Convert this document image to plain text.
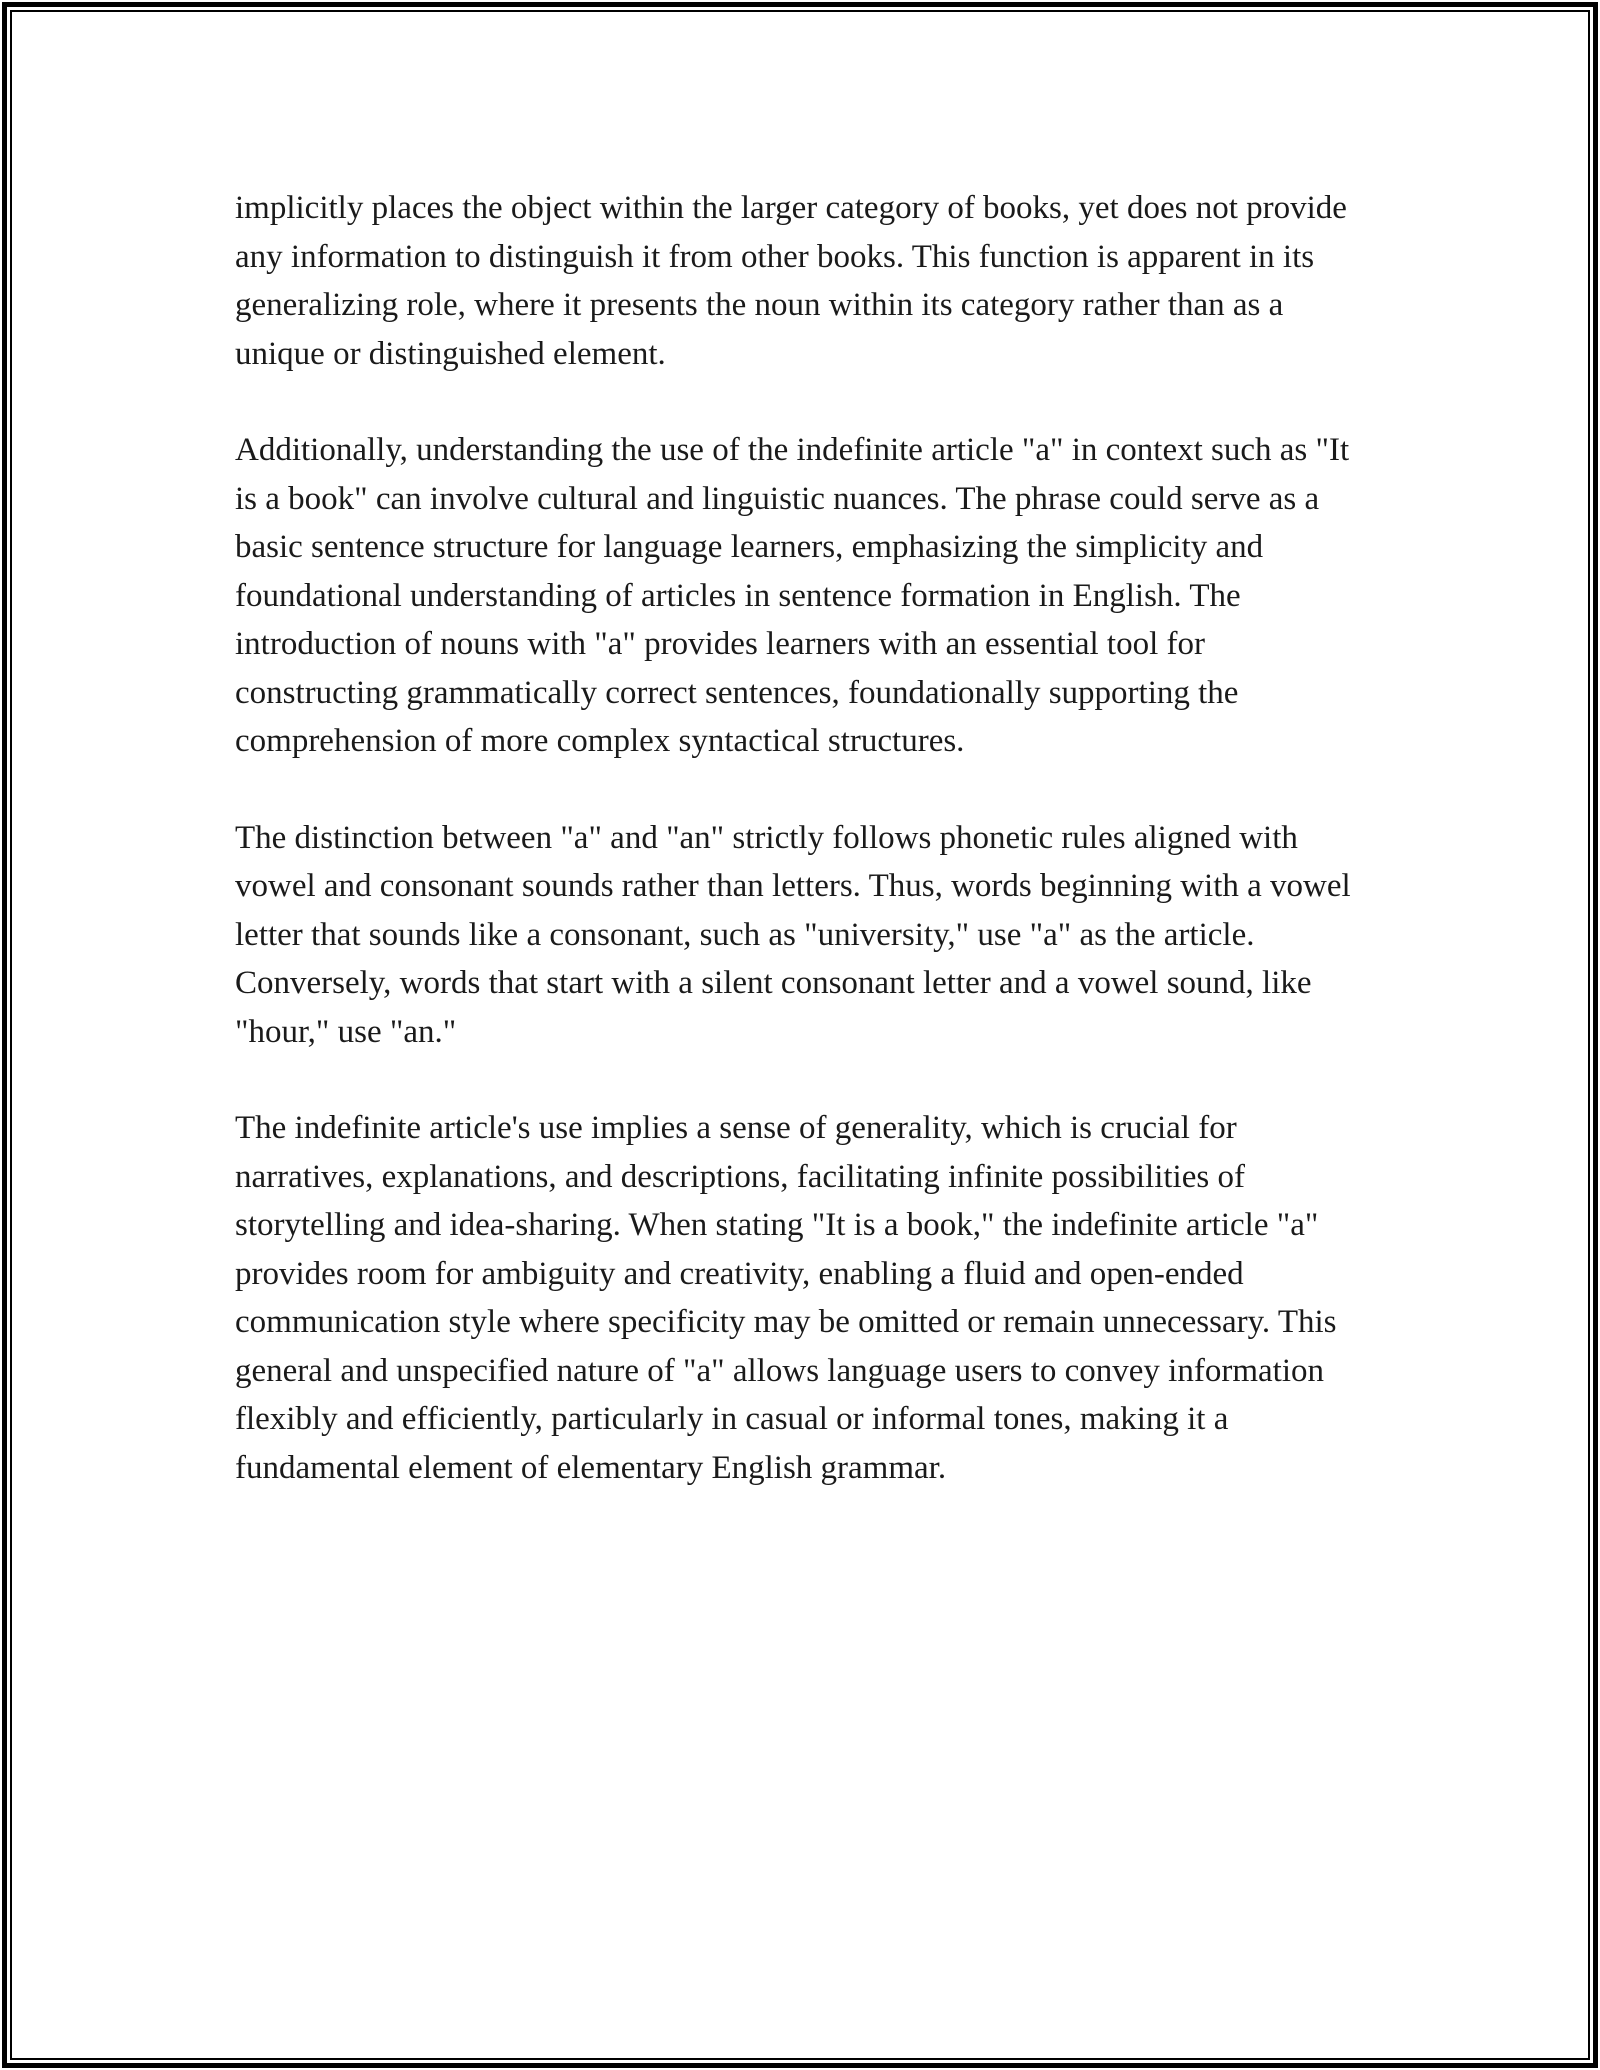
implicitly places the object within the larger category of books, yet does not provide any information to distinguish it from other books. This function is apparent in its generalizing role, where it presents the noun within its category rather than as a unique or distinguished element.

Additionally, understanding the use of the indefinite article "a" in context such as "It is a book" can involve cultural and linguistic nuances. The phrase could serve as a basic sentence structure for language learners, emphasizing the simplicity and foundational understanding of articles in sentence formation in English. The introduction of nouns with "a" provides learners with an essential tool for constructing grammatically correct sentences, foundationally supporting the comprehension of more complex syntactical structures.

The distinction between "a" and "an" strictly follows phonetic rules aligned with vowel and consonant sounds rather than letters. Thus, words beginning with a vowel letter that sounds like a consonant, such as "university," use "a" as the article. Conversely, words that start with a silent consonant letter and a vowel sound, like "hour," use "an."

The indefinite article's use implies a sense of generality, which is crucial for narratives, explanations, and descriptions, facilitating infinite possibilities of storytelling and idea-sharing. When stating "It is a book," the indefinite article "a" provides room for ambiguity and creativity, enabling a fluid and open-ended communication style where specificity may be omitted or remain unnecessary. This general and unspecified nature of "a" allows language users to convey information flexibly and efficiently, particularly in casual or informal tones, making it a fundamental element of elementary English grammar.
